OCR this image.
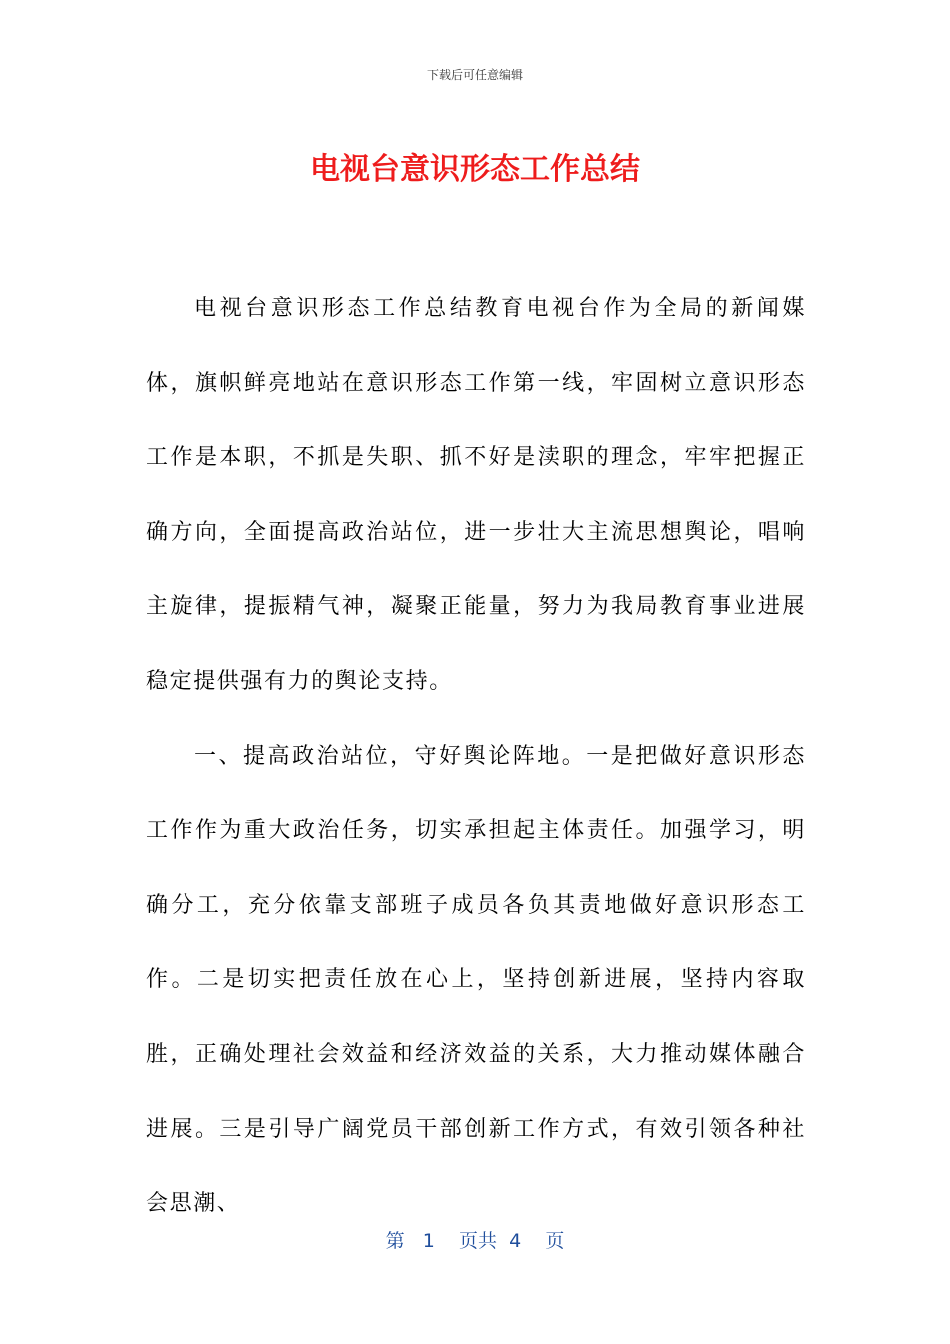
下载后可任意编辑
电视台意识形态工作总结

电视台意识形态工作总结教育电视台作为全局的新闻媒体，旗帜鲜亮地站在意识形态工作第一线，牢固树立意识形态工作是本职，不抓是失职、抓不好是渎职的理念，牢牢把握正确方向，全面提高政治站位，进一步壮大主流思想舆论，唱响主旋律，提振精气神，凝聚正能量，努力为我局教育事业进展稳定提供强有力的舆论支持。

一、提高政治站位，守好舆论阵地。一是把做好意识形态工作作为重大政治任务，切实承担起主体责任。加强学习，明确分工，充分依靠支部班子成员各负其责地做好意识形态工作。二是切实把责任放在心上，坚持创新进展，坚持内容取胜，正确处理社会效益和经济效益的关系，大力推动媒体融合进展。三是引导广阔党员干部创新工作方式，有效引领各种社会思潮、

第 1 页共 4 页
